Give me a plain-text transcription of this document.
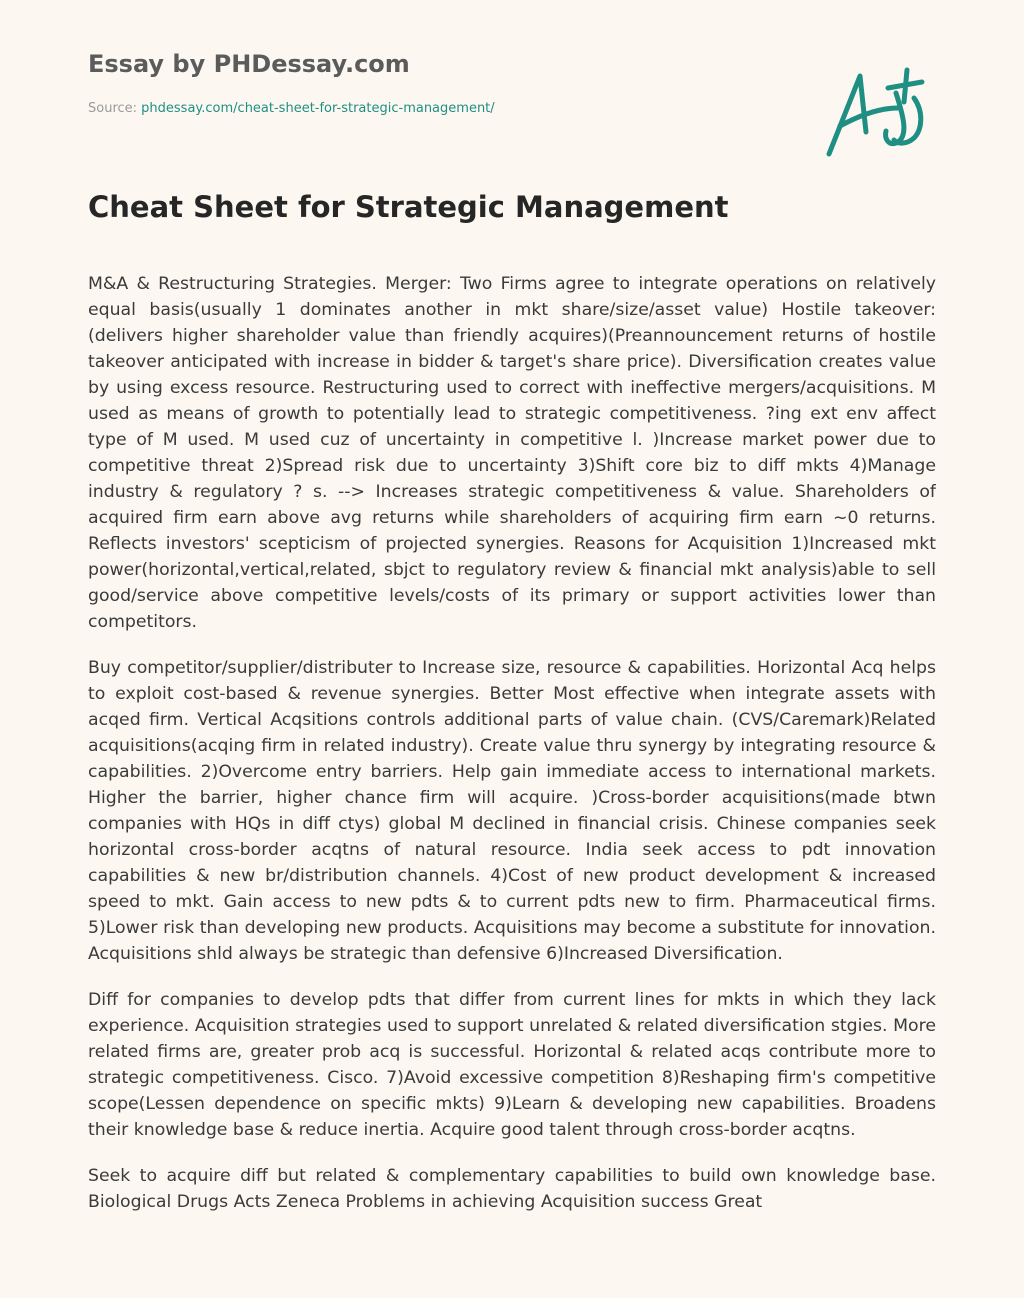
Essay by PHDessay.com
Source: phdessay.com/cheat-sheet-for-strategic-management/
Cheat Sheet for Strategic Management

M&A & Restructuring Strategies. Merger: Two Firms agree to integrate operations on relatively equal basis(usually 1 dominates another in mkt share/size/asset value) Hostile takeover: (delivers higher shareholder value than friendly acquires)(Preannouncement returns of hostile takeover anticipated with increase in bidder & target's share price). Diversification creates value by using excess resource. Restructuring used to correct with ineffective mergers/acquisitions. M used as means of growth to potentially lead to strategic competitiveness. ?ing ext env affect type of M used. M used cuz of uncertainty in competitive l. )Increase market power due to competitive threat 2)Spread risk due to uncertainty 3)Shift core biz to diff mkts 4)Manage industry & regulatory ? s. --> Increases strategic competitiveness & value. Shareholders of acquired firm earn above avg returns while shareholders of acquiring firm earn ~0 returns. Reflects investors' scepticism of projected synergies. Reasons for Acquisition 1)Increased mkt power(horizontal,vertical,related, sbjct to regulatory review & financial mkt analysis)able to sell good/service above competitive levels/costs of its primary or support activities lower than competitors.

Buy competitor/supplier/distributer to Increase size, resource & capabilities. Horizontal Acq helps to exploit cost-based & revenue synergies. Better Most effective when integrate assets with acqed firm. Vertical Acqsitions controls additional parts of value chain. (CVS/Caremark)Related acquisitions(acqing firm in related industry). Create value thru synergy by integrating resource & capabilities. 2)Overcome entry barriers. Help gain immediate access to international markets. Higher the barrier, higher chance firm will acquire. )Cross-border acquisitions(made btwn companies with HQs in diff ctys) global M declined in financial crisis. Chinese companies seek horizontal cross-border acqtns of natural resource. India seek access to pdt innovation capabilities & new br/distribution channels. 4)Cost of new product development & increased speed to mkt. Gain access to new pdts & to current pdts new to firm. Pharmaceutical firms. 5)Lower risk than developing new products. Acquisitions may become a substitute for innovation. Acquisitions shld always be strategic than defensive 6)Increased Diversification.

Diff for companies to develop pdts that differ from current lines for mkts in which they lack experience. Acquisition strategies used to support unrelated & related diversification stgies. More related firms are, greater prob acq is successful. Horizontal & related acqs contribute more to strategic competitiveness. Cisco. 7)Avoid excessive competition 8)Reshaping firm's competitive scope(Lessen dependence on specific mkts) 9)Learn & developing new capabilities. Broadens their knowledge base & reduce inertia. Acquire good talent through cross-border acqtns.

Seek to acquire diff but related & complementary capabilities to build own knowledge base. Biological Drugs Acts Zeneca Problems in achieving Acquisition success Great
